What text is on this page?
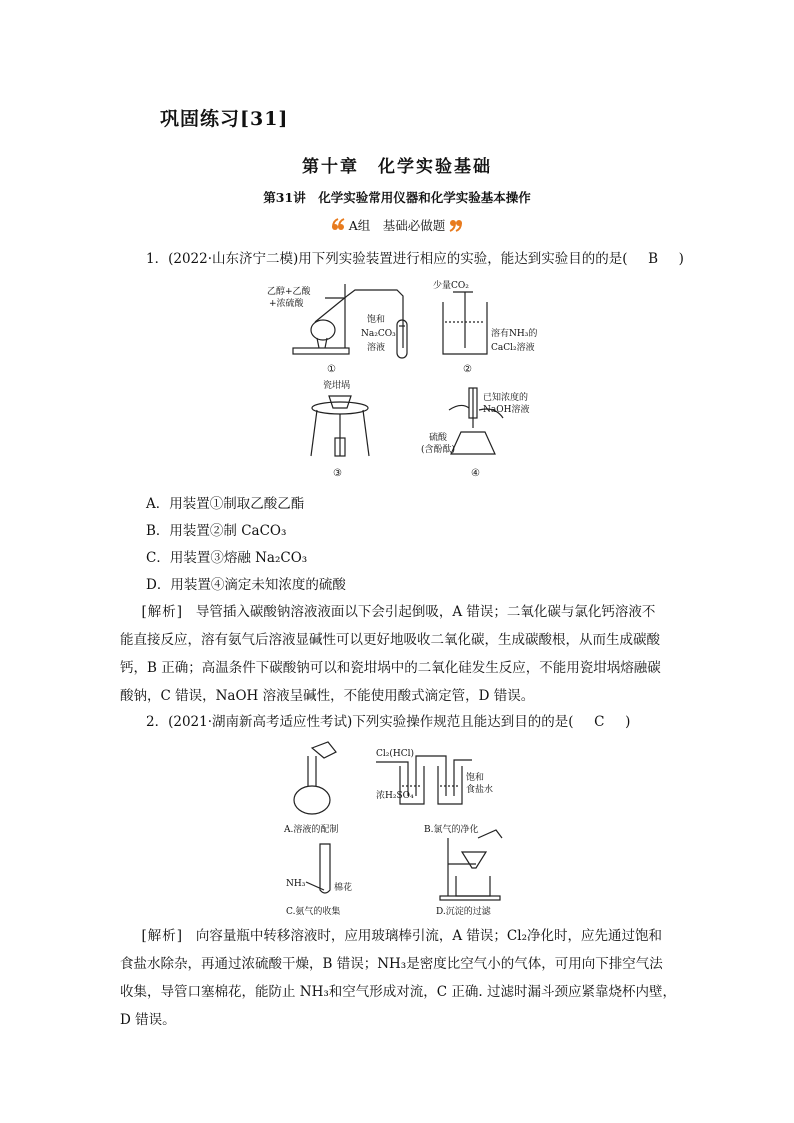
巩固练习[31]
第十章　化学实验基础
第31讲　化学实验常用仪器和化学实验基本操作
A组　基础必做题
1．(2022·山东济宁二模)用下列实验装置进行相应的实验，能达到实验目的的是( B )
乙醇+乙酸
+浓硫酸
饱和
Na₂CO₃
溶液
①
少量CO₂
溶有NH₃的
CaCl₂溶液
②
瓷坩埚
③
已知浓度的
NaOH溶液
硫酸
(含酚酞)
④
A．用装置①制取乙酸乙酯
B．用装置②制 CaCO₃
C．用装置③熔融 Na₂CO₃
D．用装置④滴定未知浓度的硫酸
[解析] 导管插入碳酸钠溶液液面以下会引起倒吸，A 错误；二氧化碳与氯化钙溶液不
能直接反应，溶有氨气后溶液显碱性可以更好地吸收二氧化碳，生成碳酸根，从而生成碳酸
钙，B 正确；高温条件下碳酸钠可以和瓷坩埚中的二氧化硅发生反应，不能用瓷坩埚熔融碳
酸钠，C 错误，NaOH 溶液呈碱性，不能使用酸式滴定管，D 错误。
2．(2021·湖南新高考适应性考试)下列实验操作规范且能达到目的的是( C )
A.溶液的配制
Cl₂(HCl)
浓H₂SO₄
饱和
食盐水
B.氯气的净化
NH₃	棉花
C.氨气的收集	D.沉淀的过滤
[解析] 向容量瓶中转移溶液时，应用玻璃棒引流，A 错误；Cl₂净化时，应先通过饱和
食盐水除杂，再通过浓硫酸干燥，B 错误；NH₃是密度比空气小的气体，可用向下排空气法
收集，导管口塞棉花，能防止 NH₃和空气形成对流，C 正确. 过滤时漏斗颈应紧靠烧杯内壁，
D 错误。
